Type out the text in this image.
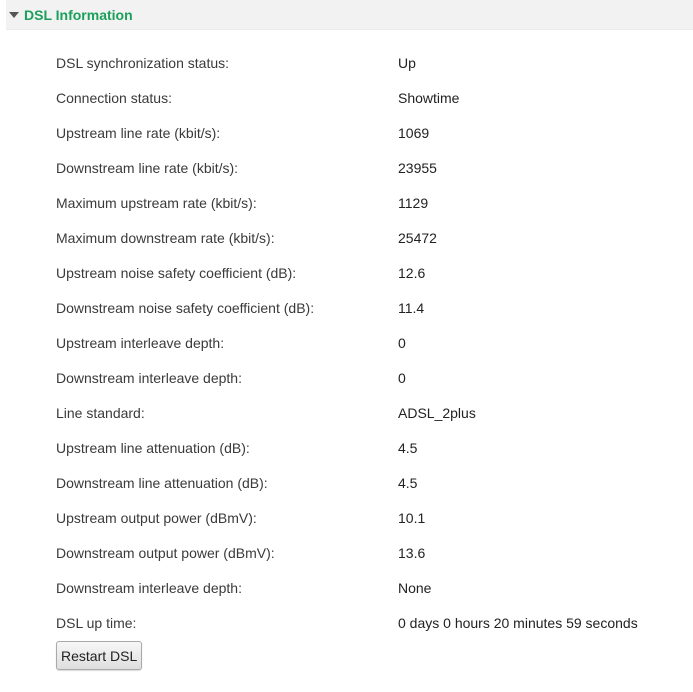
DSL Information
DSL synchronization status:	Up
Connection status:	Showtime
Upstream line rate (kbit/s):	1069
Downstream line rate (kbit/s):	23955
Maximum upstream rate (kbit/s):	1129
Maximum downstream rate (kbit/s):	25472
Upstream noise safety coefficient (dB):	12.6
Downstream noise safety coefficient (dB):	11.4
Upstream interleave depth:	0
Downstream interleave depth:	0
Line standard:	ADSL_2plus
Upstream line attenuation (dB):	4.5
Downstream line attenuation (dB):	4.5
Upstream output power (dBmV):	10.1
Downstream output power (dBmV):	13.6
Downstream interleave depth:	None
DSL up time:	0 days 0 hours 20 minutes 59 seconds
Restart DSL
